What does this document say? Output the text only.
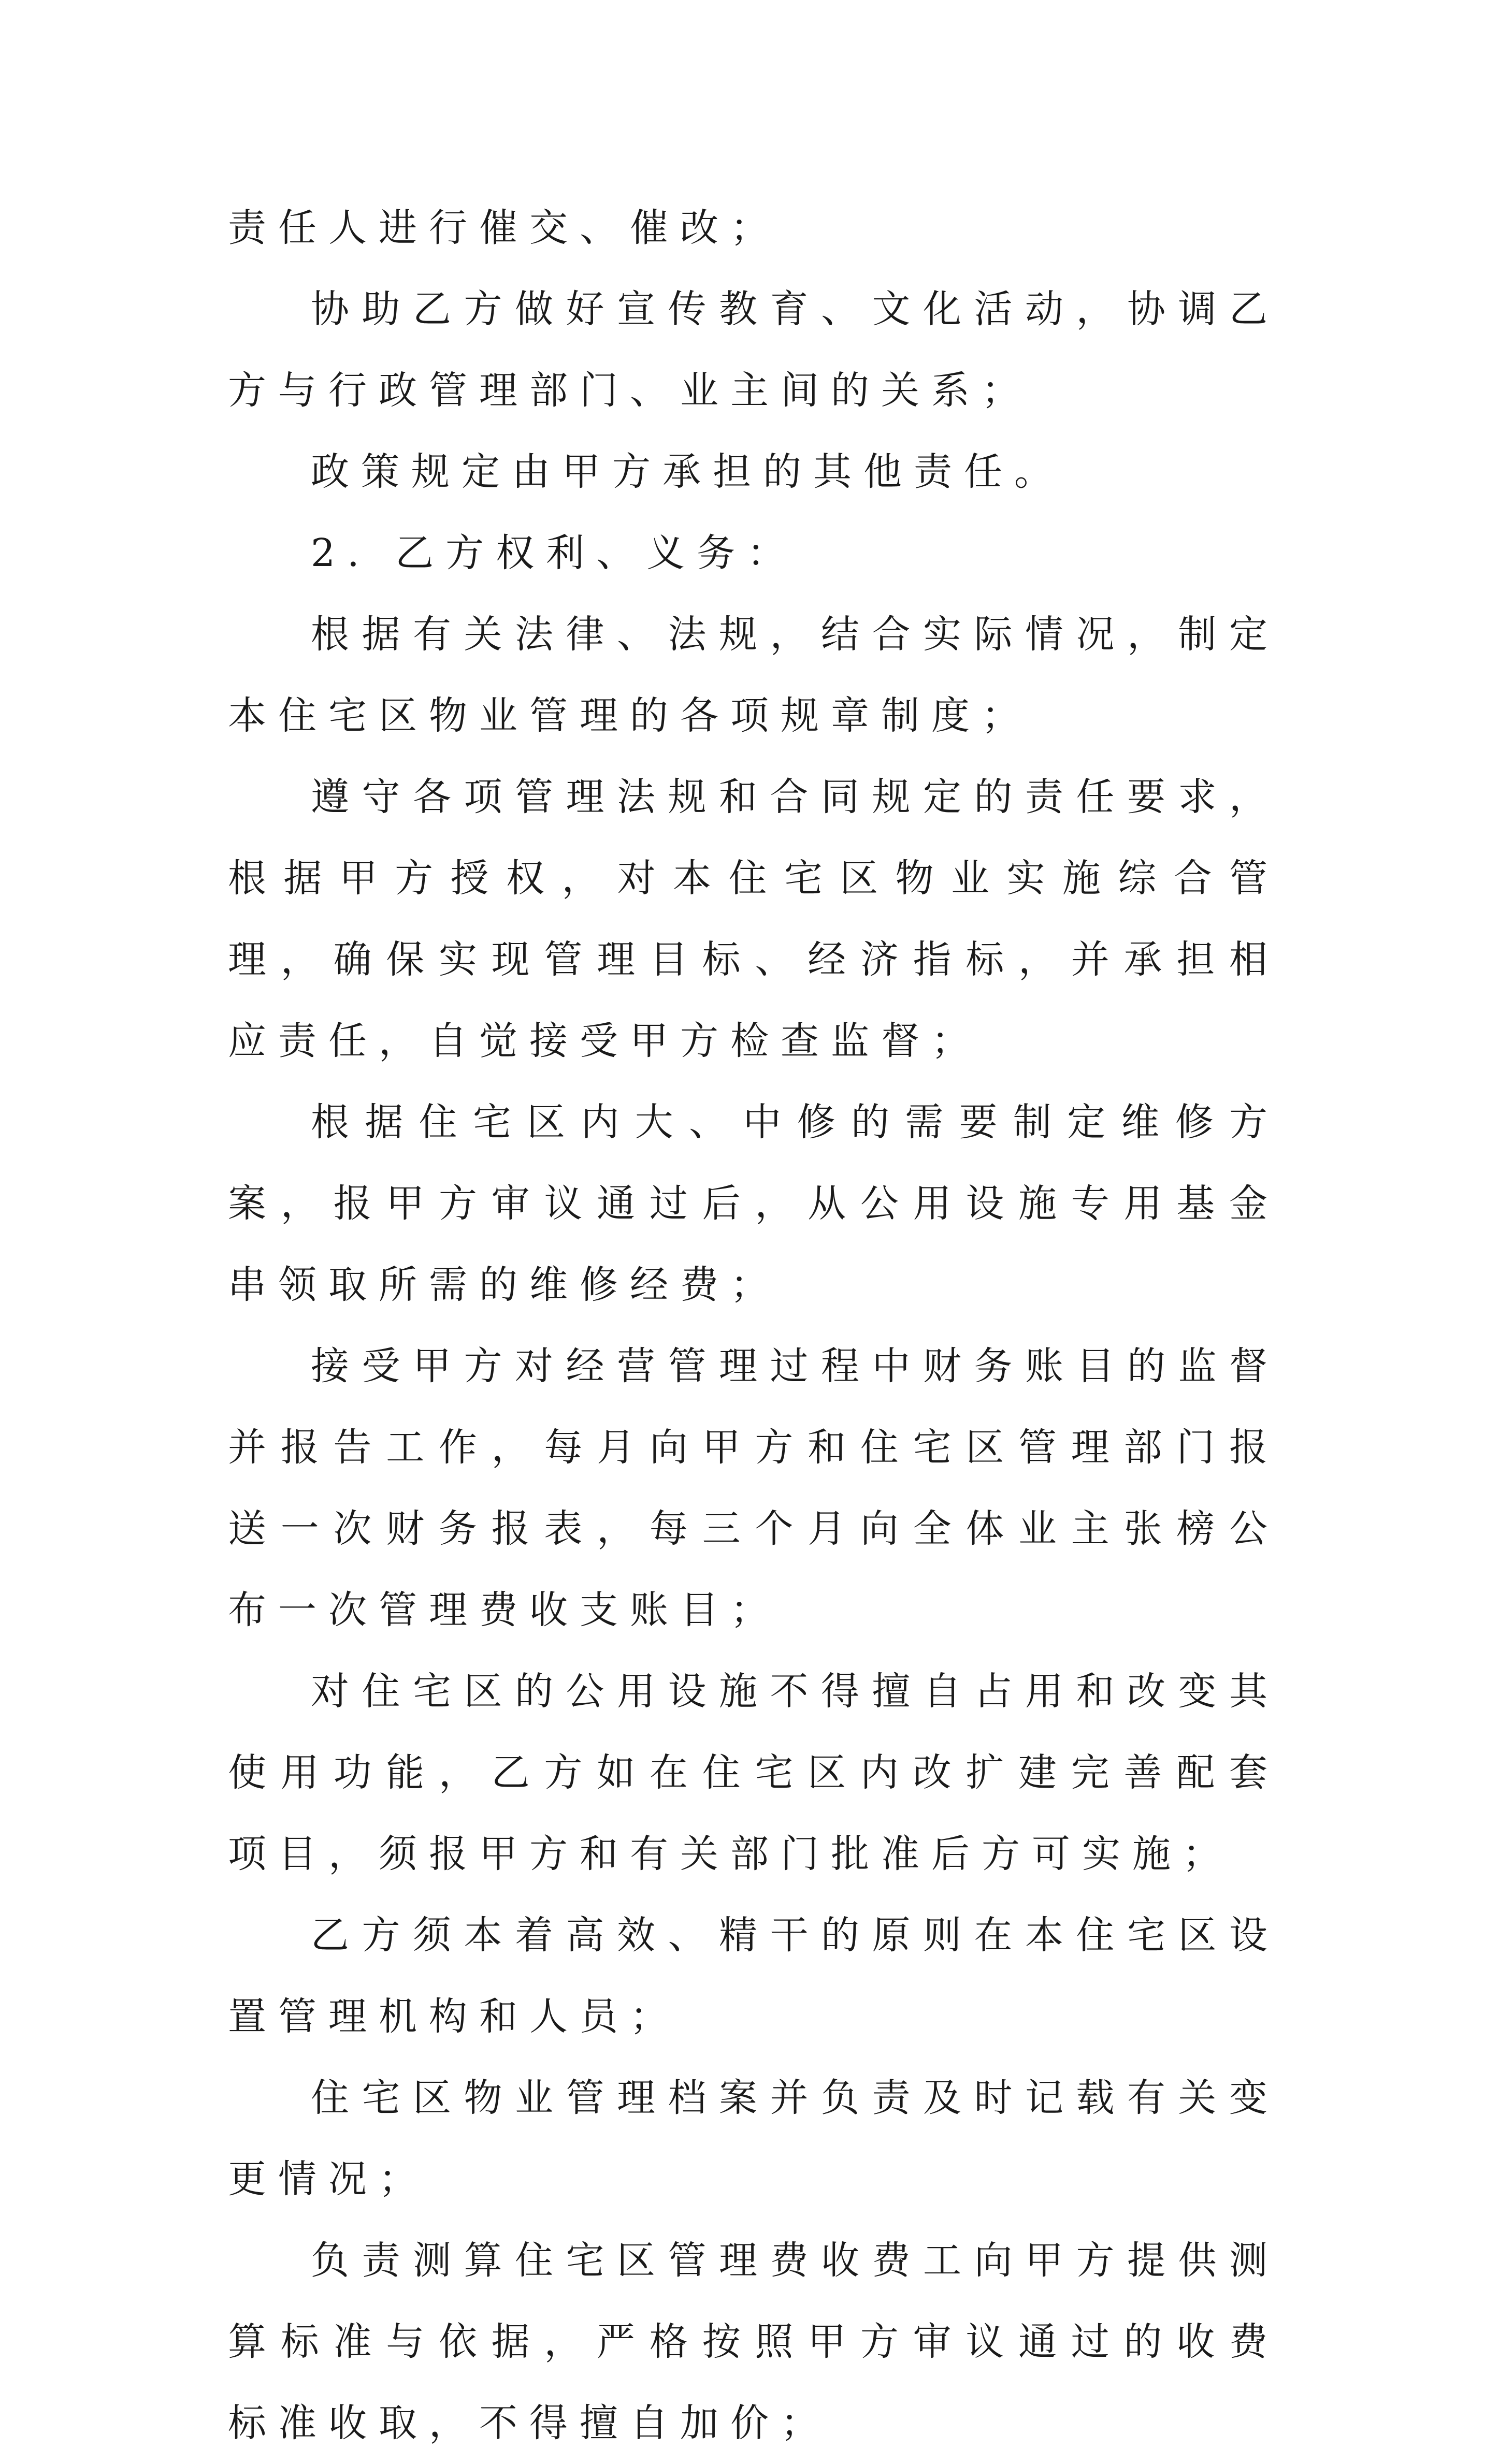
责任人进行催交、催改；

协助乙方做好宣传教育、文化活动，协调乙方与行政管理部门、业主间的关系；

政策规定由甲方承担的其他责任。

2. 乙方权利、义务：

根据有关法律、法规，结合实际情况，制定本住宅区物业管理的各项规章制度；

遵守各项管理法规和合同规定的责任要求，根据甲方授权，对本住宅区物业实施综合管理，确保实现管理目标、经济指标，并承担相应责任，自觉接受甲方检查监督；

根据住宅区内大、中修的需要制定维修方案，报甲方审议通过后，从公用设施专用基金串领取所需的维修经费；

接受甲方对经营管理过程中财务账目的监督并报告工作，每月向甲方和住宅区管理部门报送一次财务报表，每三个月向全体业主张榜公布一次管理费收支账目；

对住宅区的公用设施不得擅自占用和改变其使用功能，乙方如在住宅区内改扩建完善配套项目，须报甲方和有关部门批准后方可实施；

乙方须本着高效、精干的原则在本住宅区设置管理机构和人员；

住宅区物业管理档案并负责及时记载有关变更情况；

负责测算住宅区管理费收费工向甲方提供测算标准与依据，严格按照甲方审议通过的收费标准收取，不得擅自加价；
